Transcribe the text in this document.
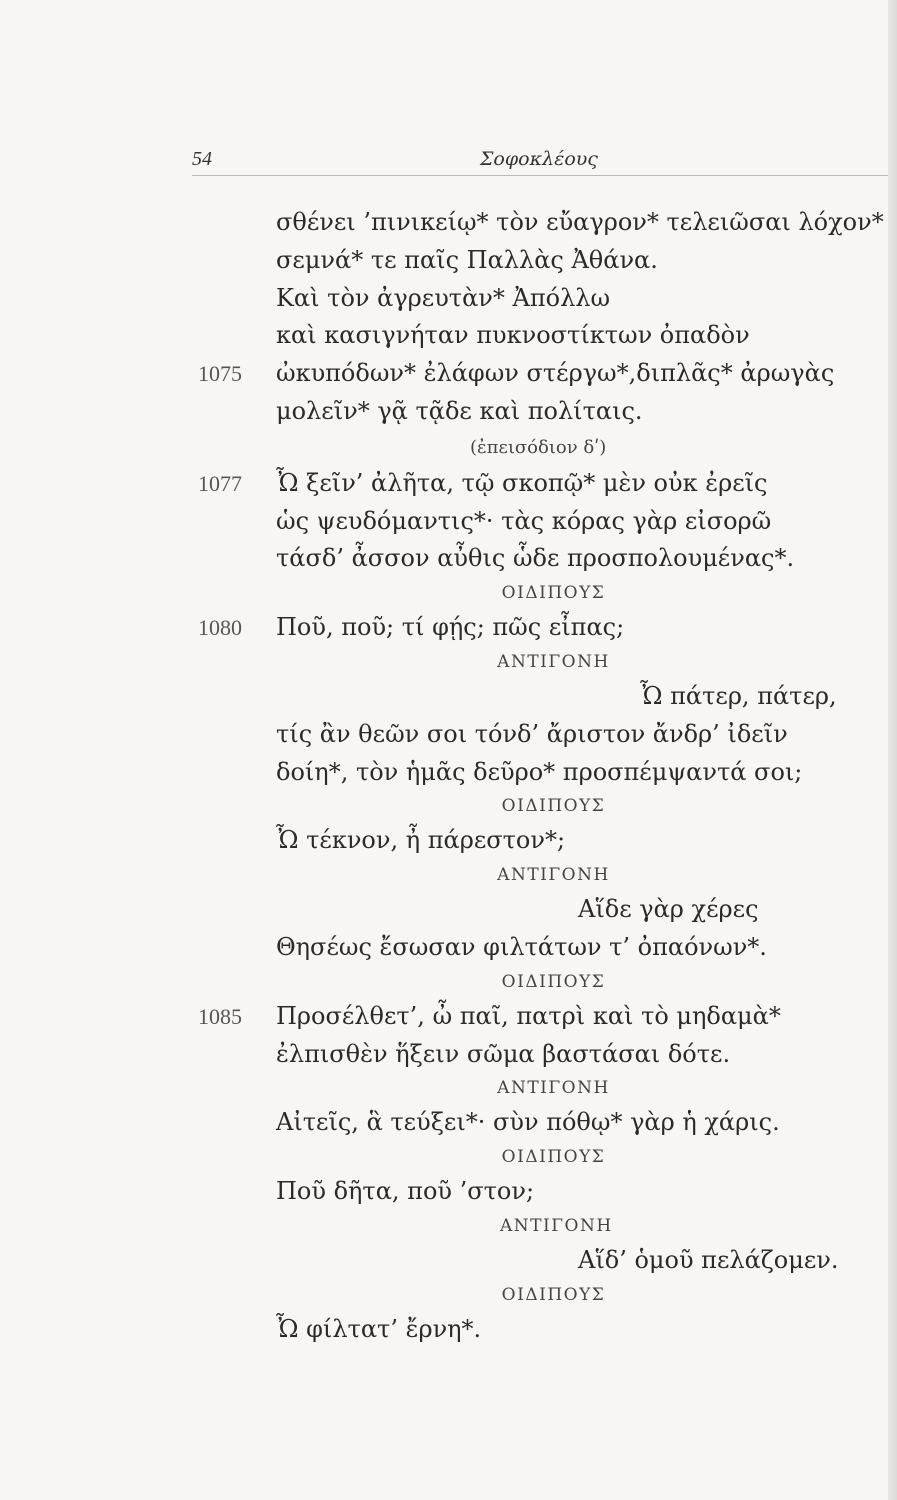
54	Σοφοκλέους
σθένει ’πινικείῳ* τὸν εὔαγρον* τελειῶσαι λόχον*
σεμνά* τε παῖς Παλλὰς Ἀθάνα.
Καὶ τὸν ἀγρευτὰν* Ἀπόλλω
καὶ κασιγνήταν πυκνοστίκτων ὀπαδὸν
1075	ὠκυπόδων* ἐλάφων στέργω*,διπλᾶς* ἀρωγὰς
μολεῖν* γᾷ τᾷδε καὶ πολίταις.
(ἐπεισόδιον δʹ)
1077	Ὦ ξεῖν’ ἀλῆτα, τῷ σκοπῷ* μὲν οὐκ ἐρεῖς
ὡς ψευδόμαντις*· τὰς κόρας γὰρ εἰσορῶ
τάσδ’ ἆσσον αὖθις ὧδε προσπολουμένας*.
ΟΙΔΙΠΟΥΣ
1080	Ποῦ, ποῦ; τί φῄς; πῶς εἶπας;
ΑΝΤΙΓΟΝΗ
Ὦ πάτερ, πάτερ,
τίς ἂν θεῶν σοι τόνδ’ ἄριστον ἄνδρ’ ἰδεῖν
δοίη*, τὸν ἡμᾶς δεῦρο* προσπέμψαντά σοι;
ΟΙΔΙΠΟΥΣ
Ὦ τέκνον, ἦ πάρεστον*;
ΑΝΤΙΓΟΝΗ
Αἵδε γὰρ χέρες
Θησέως ἔσωσαν φιλτάτων τ’ ὀπαόνων*.
ΟΙΔΙΠΟΥΣ
1085	Προσέλθετ’, ὦ παῖ, πατρὶ καὶ τὸ μηδαμὰ*
ἐλπισθὲν ἥξειν σῶμα βαστάσαι δότε.
ΑΝΤΙΓΟΝΗ
Αἰτεῖς, ἃ τεύξει*· σὺν πόθῳ* γὰρ ἡ χάρις.
ΟΙΔΙΠΟΥΣ
Ποῦ δῆτα, ποῦ ’στον;
ΑΝΤΙΓΟΝΗ
Αἵδ’ ὁμοῦ πελάζομεν.
ΟΙΔΙΠΟΥΣ
Ὦ φίλτατ’ ἔρνη*.
